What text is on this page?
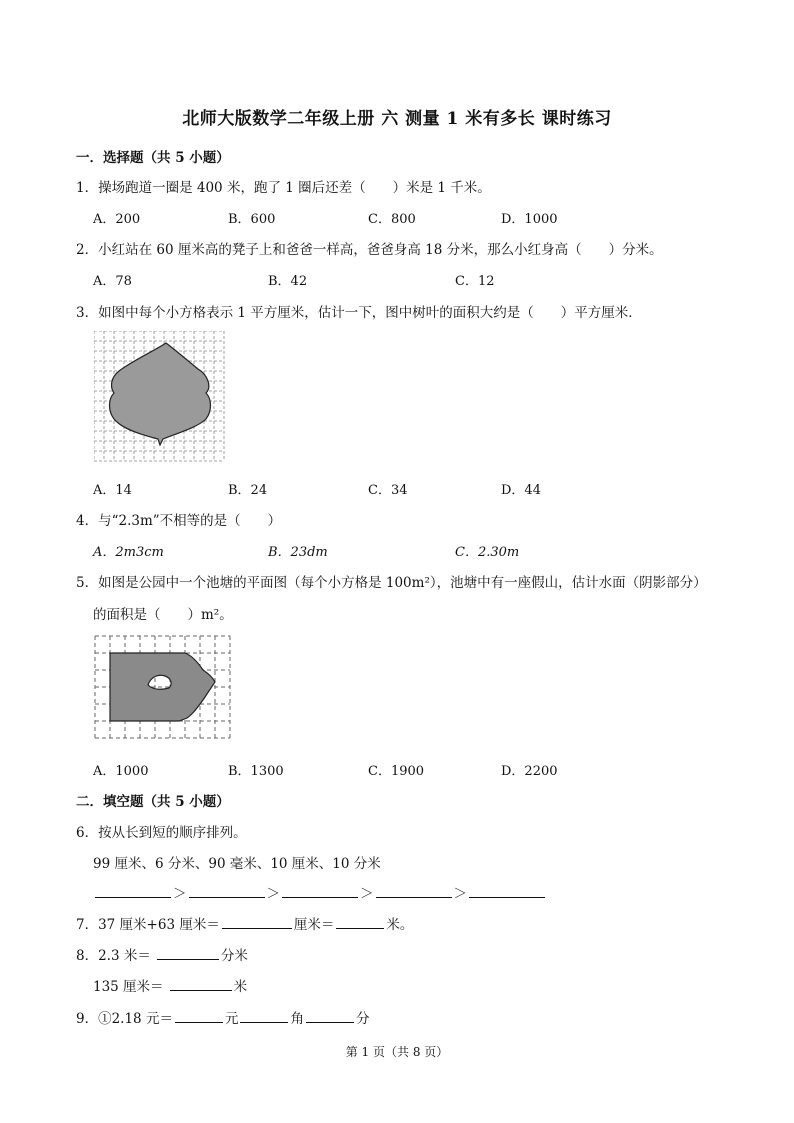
北师大版数学二年级上册 六 测量 1 米有多长 课时练习
一．选择题（共 5 小题）
1．操场跑道一圈是 400 米，跑了 1 圈后还差（　　）米是 1 千米。
A．200	B．600	C．800	D．1000
2．小红站在 60 厘米高的凳子上和爸爸一样高，爸爸身高 18 分米，那么小红身高（　　）分米。
A．78	B．42	C．12
3．如图中每个小方格表示 1 平方厘米，估计一下，图中树叶的面积大约是（　　）平方厘米．
A．14	B．24	C．34	D．44
4．与“2.3m”不相等的是（　　）
A．2m3cm	B．23dm	C．2.30m
5．如图是公园中一个池塘的平面图（每个小方格是 100m²），池塘中有一座假山，估计水面（阴影部分）
的面积是（　　）m²。
A．1000	B．1300	C．1900	D．2200
二．填空题（共 5 小题）
6．按从长到短的顺序排列。
99 厘米、6 分米、90 毫米、10 厘米、10 分米
＞	＞	＞	＞
7．37 厘米+63 厘米＝	厘米＝	米。
8．2.3 米＝	分米
135 厘米＝	米
9．①2.18 元＝	元	角	分
第 1 页（共 8 页）
